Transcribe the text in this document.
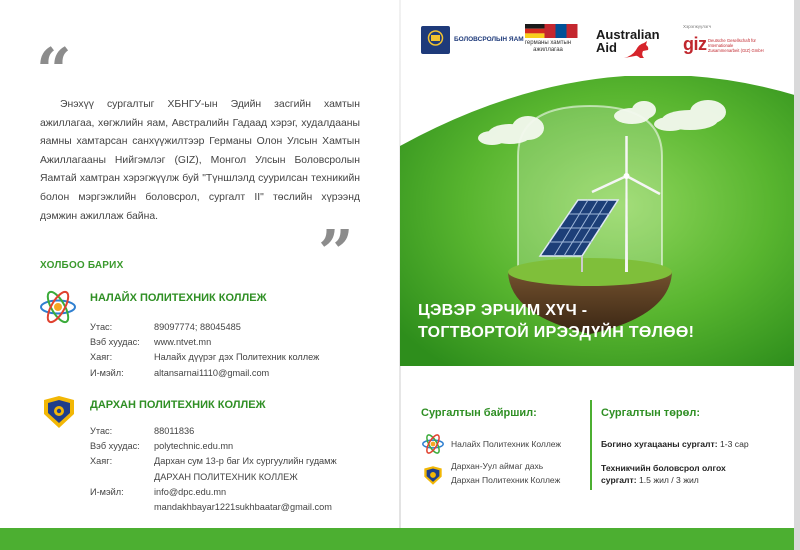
“

Энэхүү сургалтыг ХБНГУ-ын Эдийн засгийн хамтын ажиллагаа, хөгжлийн яам, Австралийн Гадаад хэрэг, худалдааны яамны хамтарсан санхүүжилтээр Германы Олон Улсын Хамтын Ажиллагааны Нийгэмлэг (GIZ), Монгол Улсын Боловсролын Яамтай хамтран хэрэгжүүлж буй "Түншлэлд суурилсан техникийн болон мэргэжлийн боловсрол, сургалт II" төслийн хүрээнд дэмжин ажиллаж байна.	”
ХОЛБОО БАРИХ
НАЛАЙХ ПОЛИТЕХНИК КОЛЛЕЖ
Утас:	89097774; 88045485
Вэб хуудас:	www.ntvet.mn
Хаяг:	Налайх дүүрэг дэх Политехник коллеж
И-мэйл:	altansarnai1110@gmail.com
ДАРХАН ПОЛИТЕХНИК КОЛЛЕЖ
Утас:	88011836
Вэб хуудас:	polytechnic.edu.mn
Хаяг:	Дархан сум 13-р баг Их сургуулийн гудамж
ДАРХАН ПОЛИТЕХНИК КОЛЛЕЖ
И-мэйл:	info@dpc.edu.mn
mandakhbayar1221sukhbaatar@gmail.com
БОЛОВСРОЛЫН ЯАМ германы хамтын ажиллагаа
Australian
Aid
Хэрэгжүүлэгч
giz Deutsche Gesellschaft für Internationale Zusammenarbeit (GIZ) GmbH
ЦЭВЭР ЭРЧИМ ХҮЧ -
ТОГТВОРТОЙ ИРЭЭДҮЙН ТӨЛӨӨ!
Сургалтын байршил:
Налайх Политехник Коллеж
Дархан-Уул аймаг дахь
Дархан Политехник Коллеж
Сургалтын төрөл:
Богино хугацааны сургалт: 1-3 сар
Техникчийн боловсрол олгох
сургалт: 1.5 жил / 3 жил
